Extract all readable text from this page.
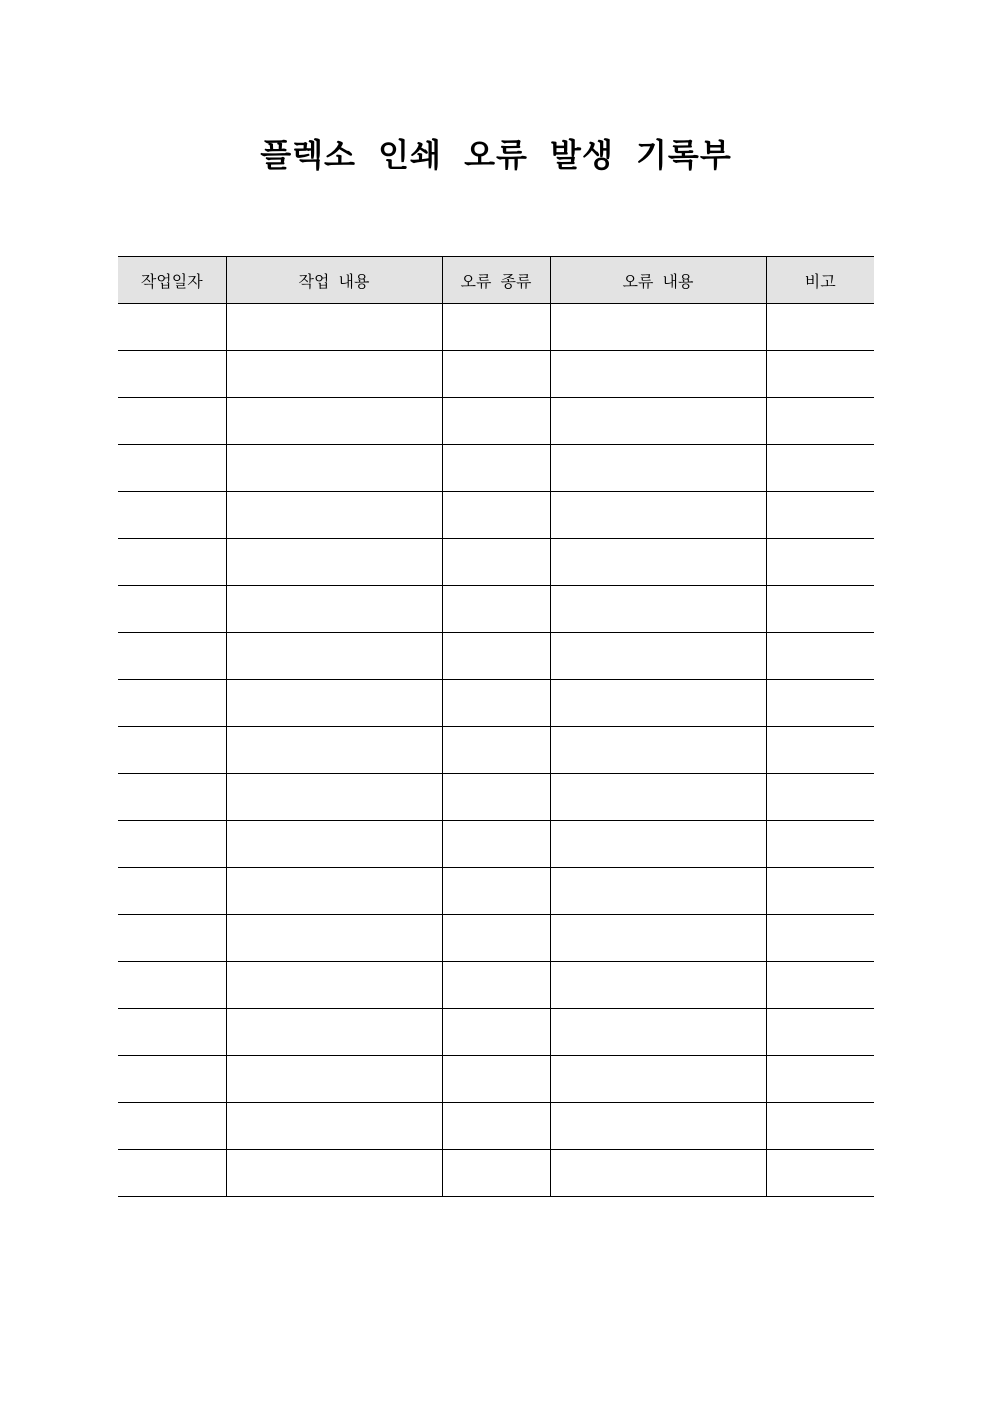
플렉소 인쇄 오류 발생 기록부
작업일자	작업 내용	오류 종류	오류 내용	비고
